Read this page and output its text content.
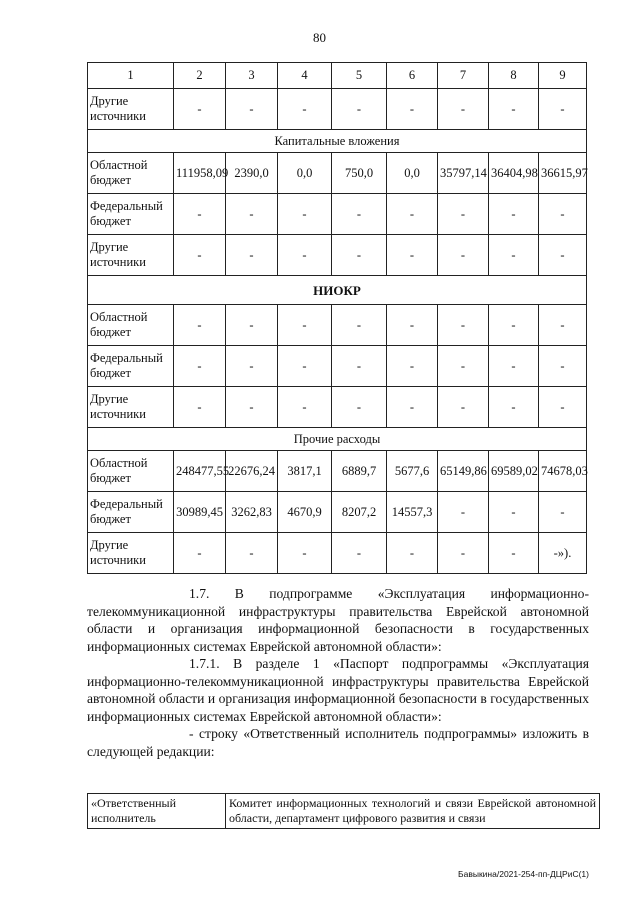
80
1	2	3	4	5	6	7	8	9
Другие источники	-	-	-	-	-	-	-	-
Капитальные вложения								
Областной бюджет	111958,09	2390,0	0,0	750,0	0,0	35797,14	36404,98	36615,97
Федеральный бюджет	-	-	-	-	-	-	-	-
Другие источники	-	-	-	-	-	-	-	-
НИОКР								
Областной бюджет	-	-	-	-	-	-	-	-
Федеральный бюджет	-	-	-	-	-	-	-	-
Другие источники	-	-	-	-	-	-	-	-
Прочие расходы								
Областной бюджет	248477,55	22676,24	3817,1	6889,7	5677,6	65149,86	69589,02	74678,03
Федеральный бюджет	30989,45	3262,83	4670,9	8207,2	14557,3	-	-	-
Другие источники	-	-	-	-	-	-	-	-»).

1.7. В подпрограмме «Эксплуатация информационно-телекоммуникационной инфраструктуры правительства Еврейской автономной области и организация информационной безопасности в государственных информационных системах Еврейской автономной области»:

1.7.1. В разделе 1 «Паспорт подпрограммы «Эксплуатация информационно-телекоммуникационной инфраструктуры правительства Еврейской автономной области и организация информационной безопасности в государственных информационных системах Еврейской автономной области»:

- строку «Ответственный исполнитель подпрограммы» изложить в следующей редакции:

«Ответственный исполнитель	Комитет информационных технологий и связи Еврейской автономной области, департамент цифрового развития и связи
Бавыкина/2021-254-пп-ДЦРиС(1)
